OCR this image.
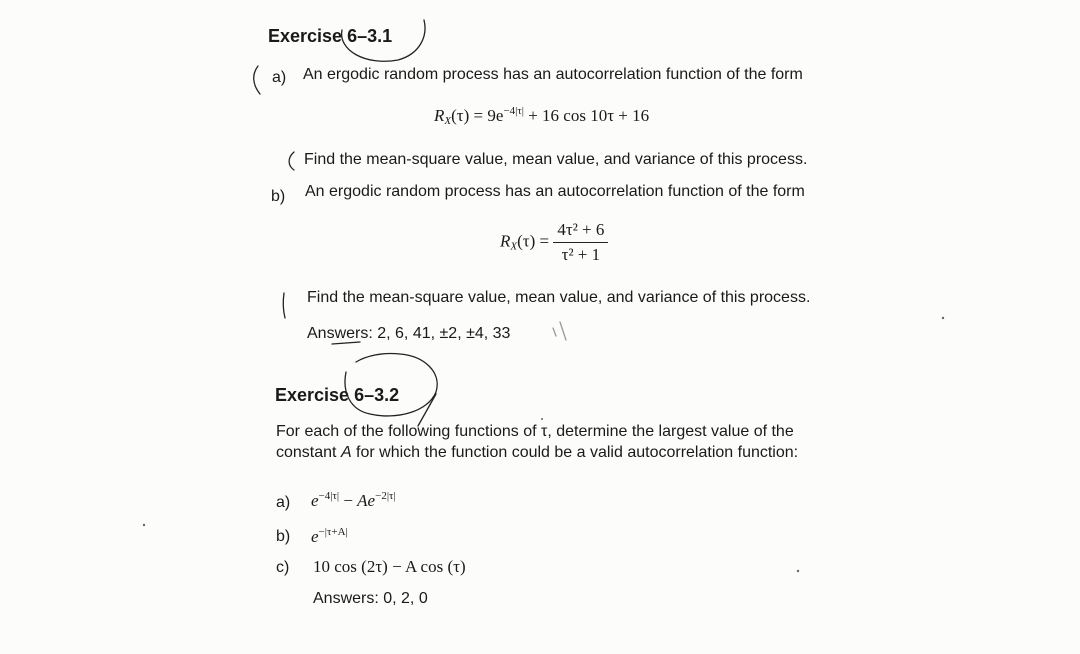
Exercise 6–3.1
a) An ergodic random process has an autocorrelation function of the form
$R_X(\tau) = 9e^{-4|\tau|} + 16$ cos 10τ + 16
Find the mean-square value, mean value, and variance of this process.
b) An ergodic random process has an autocorrelation function of the form
$R_X(\tau) = \frac{\text{4τ² + 6}}{\text{τ² + 1}}$
Find the mean-square value, mean value, and variance of this process.
Answers: 2, 6, 41, ±2, ±4, 33
Exercise 6–3.2
For each of the following functions of τ, determine the largest value of the
constant A for which the function could be a valid autocorrelation function:
a) $e^{-4|\tau|} - Ae^{-2|\tau|}$
b) $e^{-|\tau+A|}$
c) 10 cos (2τ) − A cos (τ)
Answers: 0, 2, 0
